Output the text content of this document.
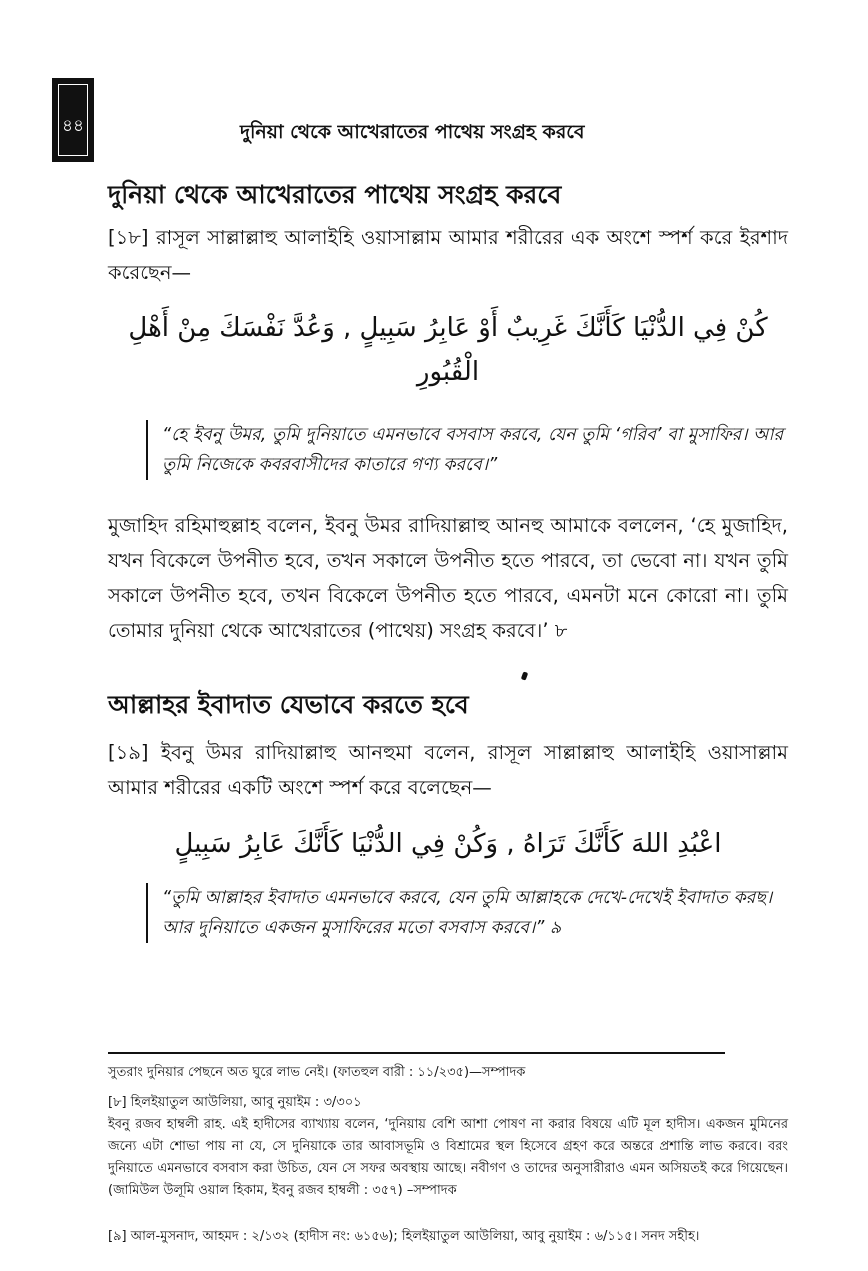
৪৪	দুনিয়া থেকে আখেরাতের পাথেয় সংগ্রহ করবে
দুনিয়া থেকে আখেরাতের পাথেয় সংগ্রহ করবে
[১৮] রাসূল সাল্লাল্লাহু আলাইহি ওয়াসাল্লাম আমার শরীরের এক অংশে স্পর্শ করে ইরশাদ করেছেন—
كُنْ فِي الدُّنْيَا كَأَنَّكَ غَرِيبٌ أَوْ عَابِرُ سَبِيلٍ , وَعُدَّ نَفْسَكَ مِنْ أَهْلِ الْقُبُورِ
“হে ইবনু উমর, তুমি দুনিয়াতে এমনভাবে বসবাস করবে, যেন তুমি ‘গরিব’ বা মুসাফির। আর তুমি নিজেকে কবরবাসীদের কাতারে গণ্য করবে।”
মুজাহিদ রহিমাহুল্লাহ বলেন, ইবনু উমর রাদিয়াল্লাহু আনহু আমাকে বললেন, ‘হে মুজাহিদ, যখন বিকেলে উপনীত হবে, তখন সকালে উপনীত হতে পারবে, তা ভেবো না। যখন তুমি সকালে উপনীত হবে, তখন বিকেলে উপনীত হতে পারবে, এমনটা মনে কোরো না। তুমি তোমার দুনিয়া থেকে আখেরাতের (পাথেয়) সংগ্রহ করবে।’ ৮
আল্লাহর ইবাদাত যেভাবে করতে হবে
[১৯] ইবনু উমর রাদিয়াল্লাহু আনহুমা বলেন, রাসূল সাল্লাল্লাহু আলাইহি ওয়াসাল্লাম আমার শরীরের একটি অংশে স্পর্শ করে বলেছেন—
اعْبُدِ اللهَ كَأَنَّكَ تَرَاهُ , وَكُنْ فِي الدُّنْيَا كَأَنَّكَ عَابِرُ سَبِيلٍ
“তুমি আল্লাহর ইবাদাত এমনভাবে করবে, যেন তুমি আল্লাহকে দেখে-দেখেই ইবাদাত করছ। আর দুনিয়াতে একজন মুসাফিরের মতো বসবাস করবে।” ৯
সুতরাং দুনিয়ার পেছনে অত ঘুরে লাভ নেই। (ফাতহুল বারী : ১১/২৩৫)—সম্পাদক
[৮] হিলইয়াতুল আউলিয়া, আবু নুয়াইম : ৩/৩০১
ইবনু রজব হাম্বলী রাহ. এই হাদীসের ব্যাখ্যায় বলেন, ‘দুনিয়ায় বেশি আশা পোষণ না করার বিষয়ে এটি মূল হাদীস। একজন মুমিনের জন্যে এটা শোভা পায় না যে, সে দুনিয়াকে তার আবাসভূমি ও বিশ্রামের স্থল হিসেবে গ্রহণ করে অন্তরে প্রশান্তি লাভ করবে। বরং দুনিয়াতে এমনভাবে বসবাস করা উচিত, যেন সে সফর অবস্থায় আছে। নবীগণ ও তাদের অনুসারীরাও এমন অসিয়তই করে গিয়েছেন। (জামিউল উলূমি ওয়াল হিকাম, ইবনু রজব হাম্বলী : ৩৫৭) –সম্পাদক
[৯] আল-মুসনাদ, আহমদ : ২/১৩২ (হাদীস নং: ৬১৫৬); হিলইয়াতুল আউলিয়া, আবু নুয়াইম : ৬/১১৫। সনদ সহীহ।
